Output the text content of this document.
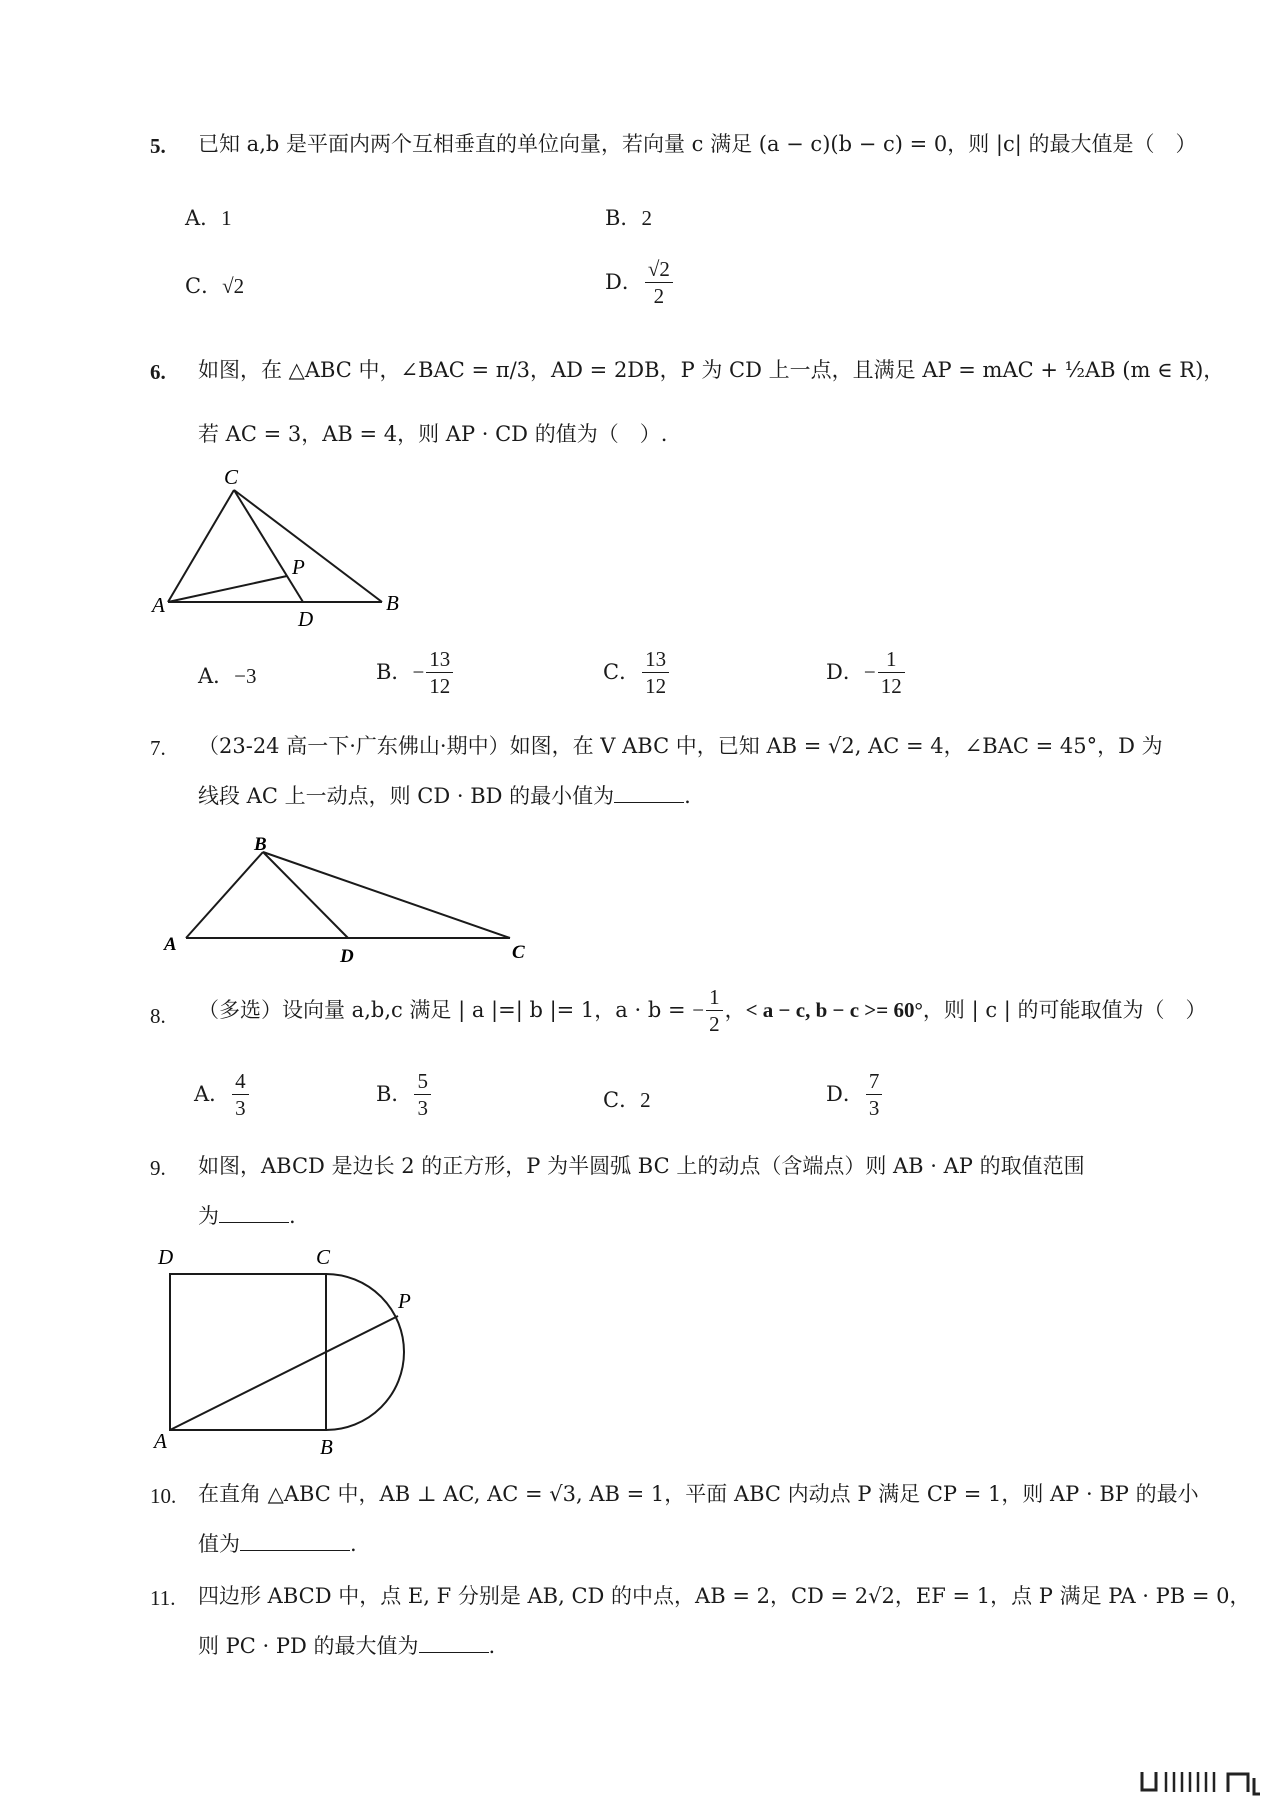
5. 已知 a,b 是平面内两个互相垂直的单位向量，若向量 c 满足 (a − c)(b − c) = 0，则 |c| 的最大值是（　）
A．1	B．2
C．√2	D． $\frac{√2}{2}$
6. 如图，在 △ABC 中，∠BAC = π/3，AD = 2DB，P 为 CD 上一点，且满足 AP = mAC + ½AB (m ∈ R)，
若 AC = 3，AB = 4，则 AP · CD 的值为（　）.
C
P
A
D
B
A．−3	B．− $\frac{13}{12}$	C． $\frac{13}{12}$	D．− $\frac{1}{12}$
7. （23-24 高一下·广东佛山·期中）如图，在 V ABC 中，已知 AB = √2, AC = 4，∠BAC = 45°，D 为
线段 AC 上一动点，则 CD · BD 的最小值为	.
B
A
D	C
8. （多选）设向量 a,b,c 满足 | a |=| b |= 1，a · b = − $\frac{1}{2}$ ，< a − c, b − c >= 60°，则 | c | 的可能取值为（　）
A． $\frac{4}{3}$	B． $\frac{5}{3}$	C．2	D． $\frac{7}{3}$
9. 如图，ABCD 是边长 2 的正方形，P 为半圆弧 BC 上的动点（含端点）则 AB · AP 的取值范围
为	.
D	C
P
A	B
10. 在直角 △ABC 中，AB ⊥ AC, AC = √3, AB = 1，平面 ABC 内动点 P 满足 CP = 1，则 AP · BP 的最小
值为	.
11. 四边形 ABCD 中，点 E, F 分别是 AB, CD 的中点，AB = 2，CD = 2√2，EF = 1，点 P 满足 PA · PB = 0，
则 PC · PD 的最大值为	.
